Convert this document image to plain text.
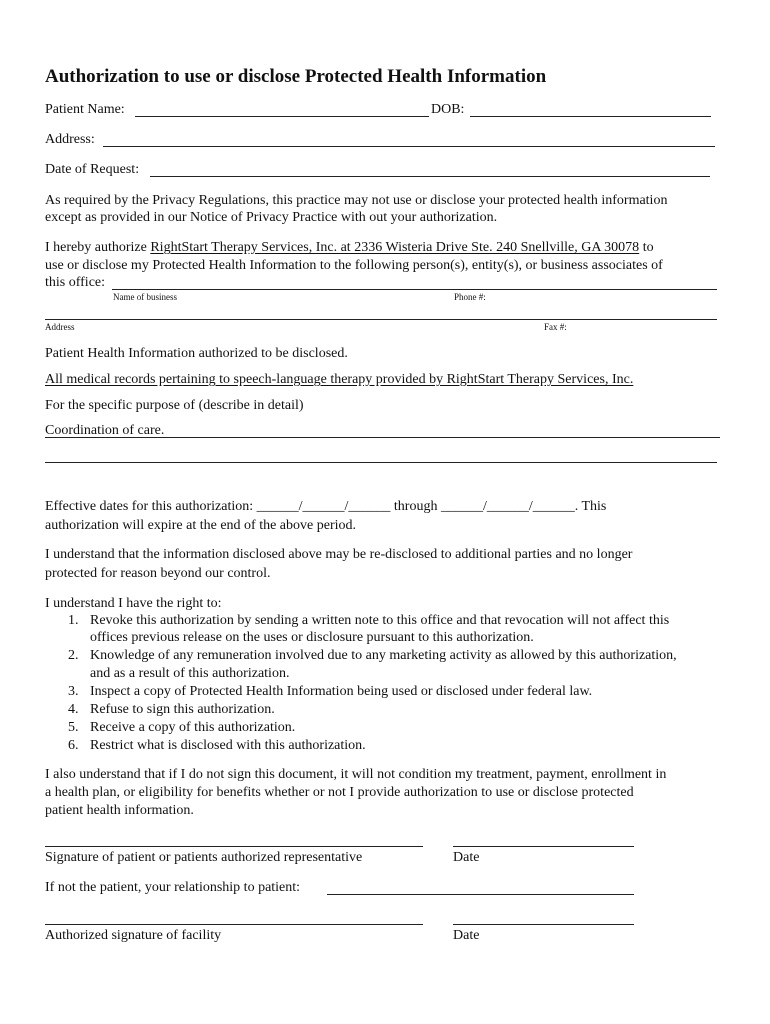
Authorization to use or disclose Protected Health Information
Patient Name:	DOB:
Address:
Date of Request:
As required by the Privacy Regulations, this practice may not use or disclose your protected health information
except as provided in our Notice of Privacy Practice with out your authorization.
I hereby authorize RightStart Therapy Services, Inc. at 2336 Wisteria Drive Ste. 240 Snellville, GA 30078 to
use or disclose my Protected Health Information to the following person(s), entity(s), or business associates of
this office:
Name of business	Phone #:
Address	Fax #:
Patient Health Information authorized to be disclosed.
All medical records pertaining to speech-language therapy provided by RightStart Therapy Services, Inc.
For the specific purpose of (describe in detail)
Coordination of care.
Effective dates for this authorization: ______/______/______ through ______/______/______. This
authorization will expire at the end of the above period.
I understand that the information disclosed above may be re-disclosed to additional parties and no longer
protected for reason beyond our control.
I understand I have the right to:
1. Revoke this authorization by sending a written note to this office and that revocation will not affect this
offices previous release on the uses or disclosure pursuant to this authorization.
2. Knowledge of any remuneration involved due to any marketing activity as allowed by this authorization,
and as a result of this authorization.
3. Inspect a copy of Protected Health Information being used or disclosed under federal law.
4. Refuse to sign this authorization.
5. Receive a copy of this authorization.
6. Restrict what is disclosed with this authorization.
I also understand that if I do not sign this document, it will not condition my treatment, payment, enrollment in
a health plan, or eligibility for benefits whether or not I provide authorization to use or disclose protected
patient health information.
Signature of patient or patients authorized representative	Date
If not the patient, your relationship to patient:
Authorized signature of facility	Date
